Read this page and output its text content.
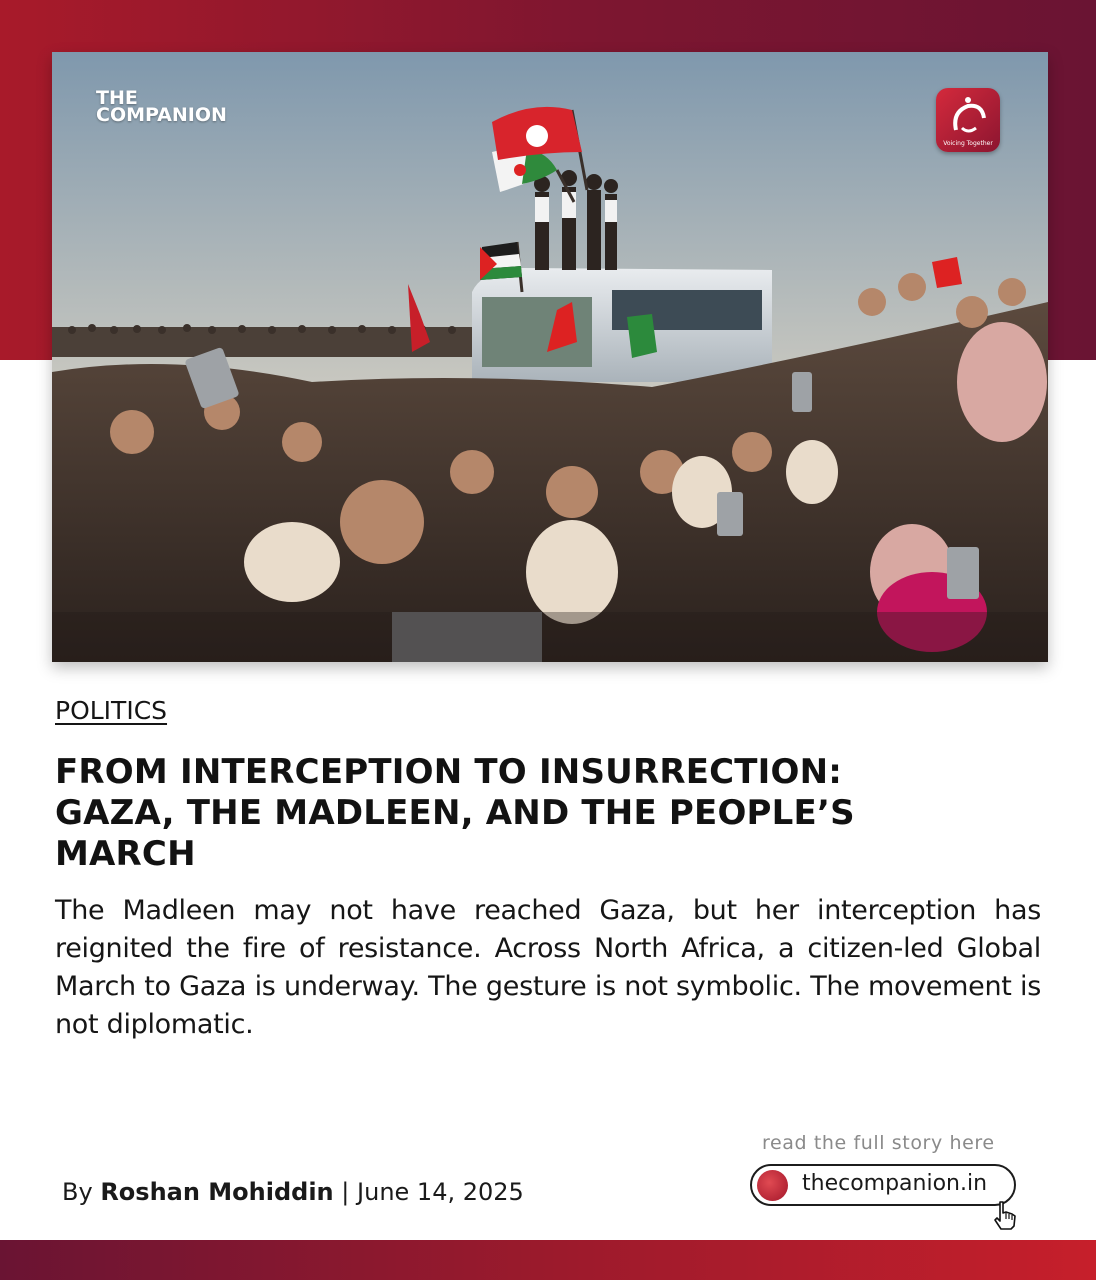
THE
COMPANION
Voicing Together
POLITICS
FROM INTERCEPTION TO INSURRECTION:
GAZA, THE MADLEEN, AND THE PEOPLE’S
MARCH

The Madleen may not have reached Gaza, but her interception has reignited the fire of resistance. Across North Africa, a citizen-led Global March to Gaza is underway. The gesture is not symbolic. The movement is not diplomatic.

By Roshan Mohiddin | June 14, 2025
read the full story here
thecompanion.in
